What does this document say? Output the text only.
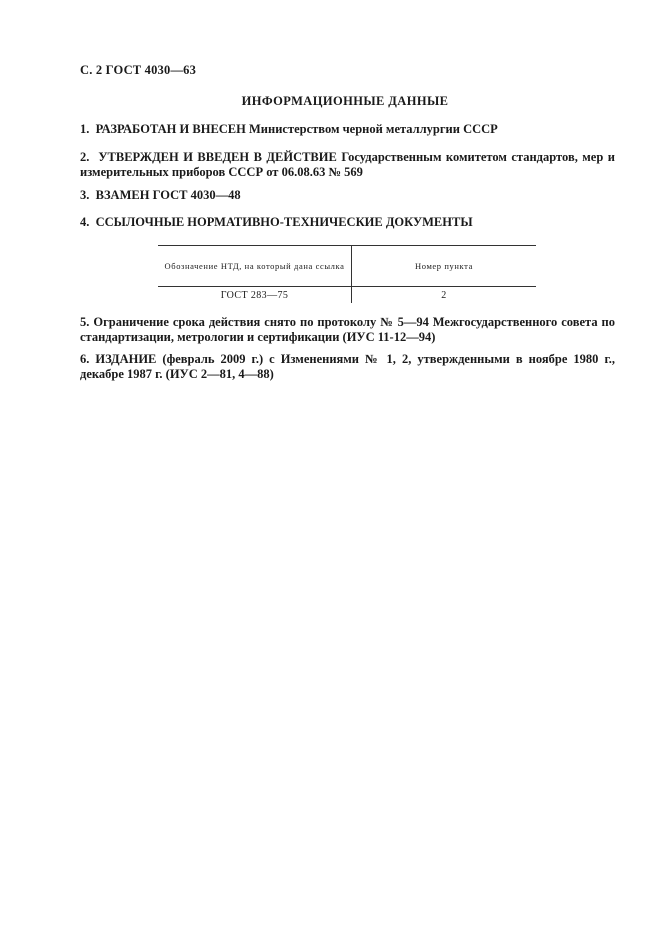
С. 2 ГОСТ 4030—63
ИНФОРМАЦИОННЫЕ ДАННЫЕ
1. РАЗРАБОТАН И ВНЕСЕН Министерством черной металлургии СССР
2. УТВЕРЖДЕН И ВВЕДЕН В ДЕЙСТВИЕ Государственным комитетом стандартов, мер и измерительных приборов СССР от 06.08.63 № 569
3. ВЗАМЕН ГОСТ 4030—48
4. ССЫЛОЧНЫЕ НОРМАТИВНО-ТЕХНИЧЕСКИЕ ДОКУМЕНТЫ
Обозначение НТД, на который дана ссылка	Номер пункта
ГОСТ 283—75	2
5. Ограничение срока действия снято по протоколу № 5—94 Межгосударственного совета по стандартизации, метрологии и сертификации (ИУС 11-12—94)
6. ИЗДАНИЕ (февраль 2009 г.) с Изменениями № 1, 2, утвержденными в ноябре 1980 г., декабре 1987 г. (ИУС 2—81, 4—88)
